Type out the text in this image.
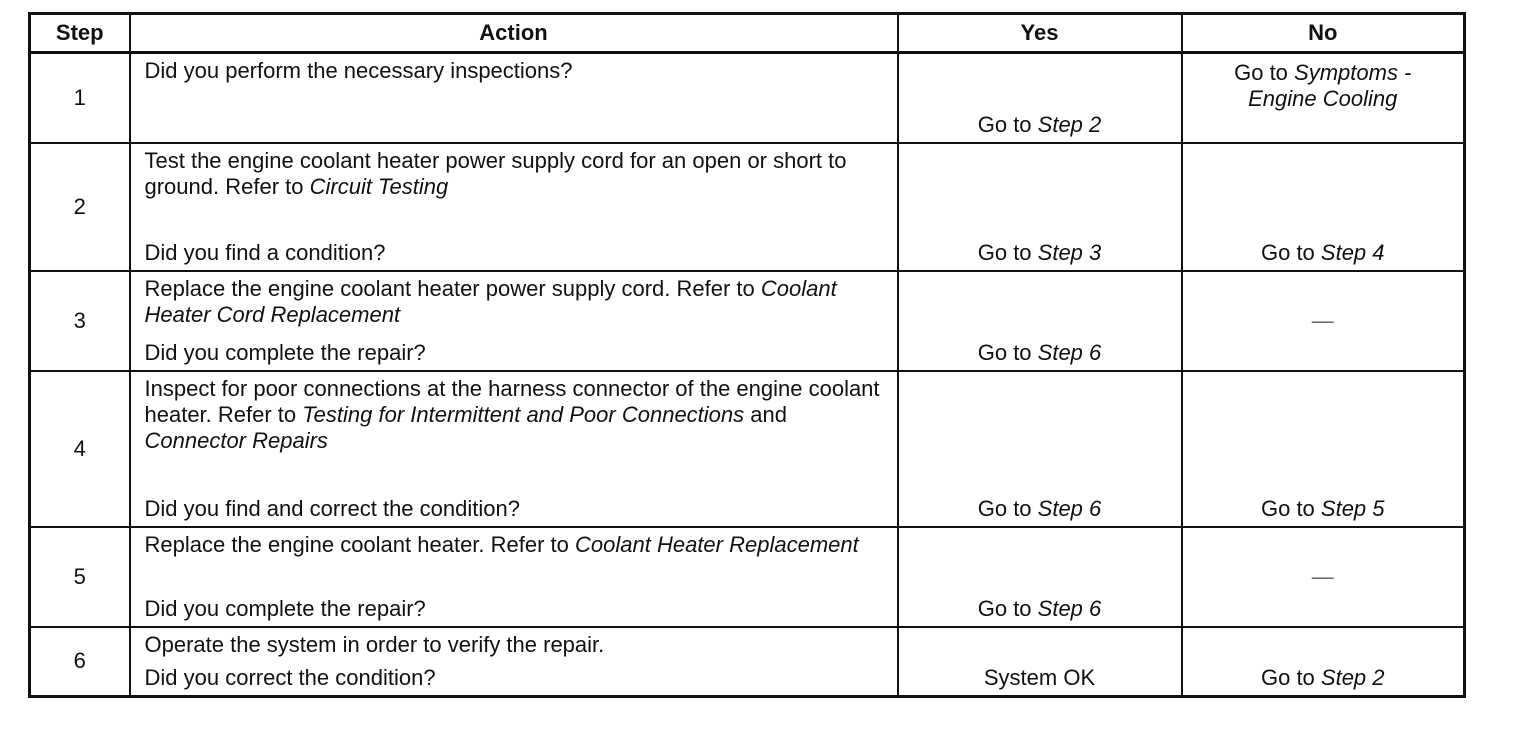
Step	Action	Yes	No
1	Did you perform the necessary inspections?	Go to Step 2	Go to Symptoms - Engine Cooling

2	Test the engine coolant heater power supply cord for an open or short to ground. Refer to Circuit Testing
Did you find a condition?	Go to Step 3	Go to Step 4

3	Replace the engine coolant heater power supply cord. Refer to Coolant Heater Cord Replacement
Did you complete the repair?	Go to Step 6	—

4	Inspect for poor connections at the harness connector of the engine coolant heater. Refer to Testing for Intermittent and Poor Connections and Connector Repairs
Did you find and correct the condition?	Go to Step 6	Go to Step 5

5	Replace the engine coolant heater. Refer to Coolant Heater Replacement
Did you complete the repair?	Go to Step 6	—

6	Operate the system in order to verify the repair.
Did you correct the condition?	System OK	Go to Step 2
